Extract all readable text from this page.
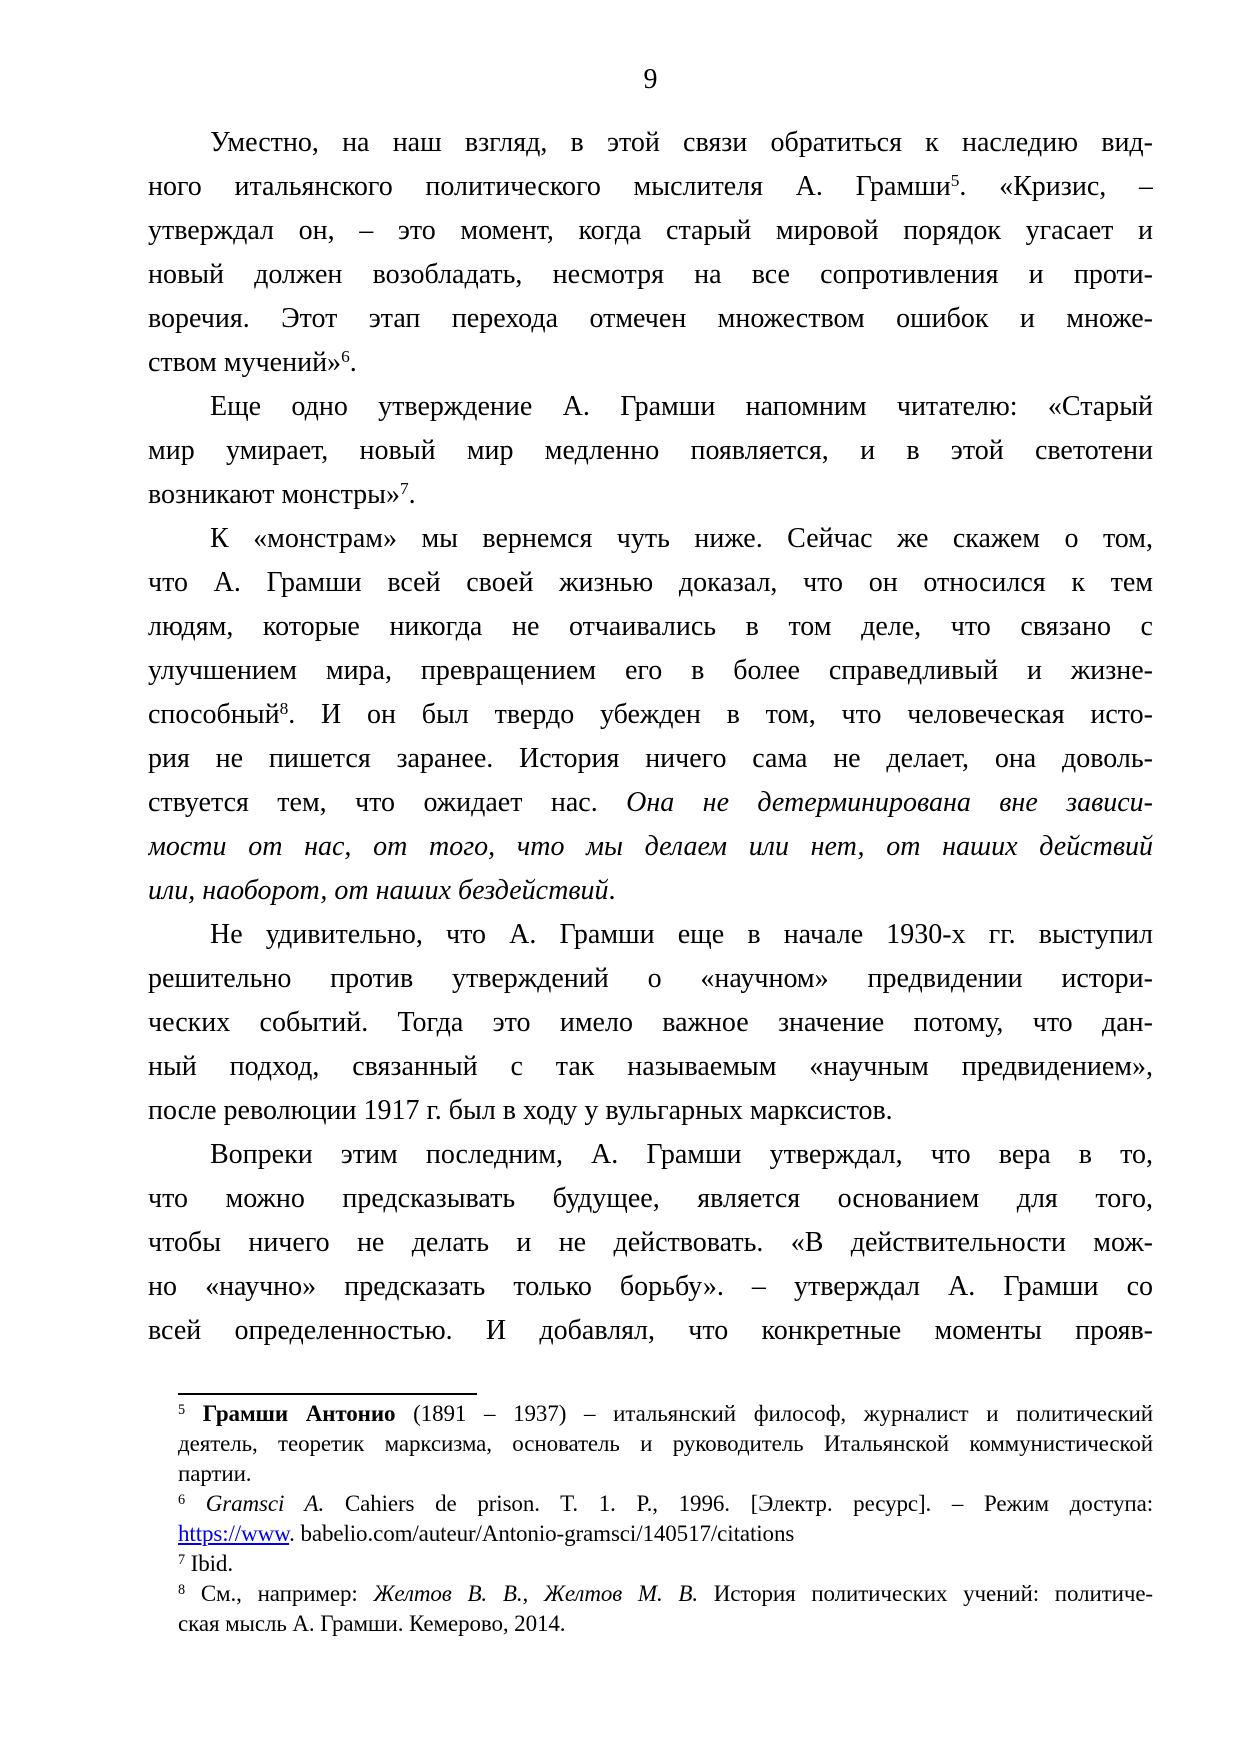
9
Уместно, на наш взгляд, в этой связи обратиться к наследию вид-
ного итальянского политического мыслителя А. Грамши$^5$. «Кризис, –
утверждал он, – это момент, когда старый мировой порядок угасает и
новый должен возобладать, несмотря на все сопротивления и проти-
воречия. Этот этап перехода отмечен множеством ошибок и множе-
ством мучений»$^6$.
Еще одно утверждение А. Грамши напомним читателю: «Старый
мир умирает, новый мир медленно появляется, и в этой светотени
возникают монстры»$^7$.
К «монстрам» мы вернемся чуть ниже. Сейчас же скажем о том,
что А. Грамши всей своей жизнью доказал, что он относился к тем
людям, которые никогда не отчаивались в том деле, что связано с
улучшением мира, превращением его в более справедливый и жизне-
способный$^8$. И он был твердо убежден в том, что человеческая исто-
рия не пишется заранее. История ничего сама не делает, она доволь-
ствуется тем, что ожидает нас. Она не детерминирована вне зависи-
мости от нас, от того, что мы делаем или нет, от наших действий
или, наоборот, от наших бездействий.
Не удивительно, что А. Грамши еще в начале 1930-х гг. выступил
решительно против утверждений о «научном» предвидении истори-
ческих событий. Тогда это имело важное значение потому, что дан-
ный подход, связанный с так называемым «научным предвидением»,
после революции 1917 г. был в ходу у вульгарных марксистов.
Вопреки этим последним, А. Грамши утверждал, что вера в то,
что можно предсказывать будущее, является основанием для того,
чтобы ничего не делать и не действовать. «В действительности мож-
но «научно» предсказать только борьбу». – утверждал А. Грамши со
всей определенностью. И добавлял, что конкретные моменты прояв-
$^5$ Грамши Антонио (1891 – 1937) – итальянский философ, журналист и политический
деятель, теоретик марксизма, основатель и руководитель Итальянской коммунистической
партии.
$^6$ Gramsci A. Cahiers de prison. T. 1. P., 1996. [Электр. ресурс]. – Режим доступа:
https://www. babelio.com/auteur/Antonio-gramsci/140517/citations
$^7$ Ibid.
$^8$ См., например: Желтов В. В., Желтов М. В. История политических учений: политиче-
ская мысль А. Грамши. Кемерово, 2014.
